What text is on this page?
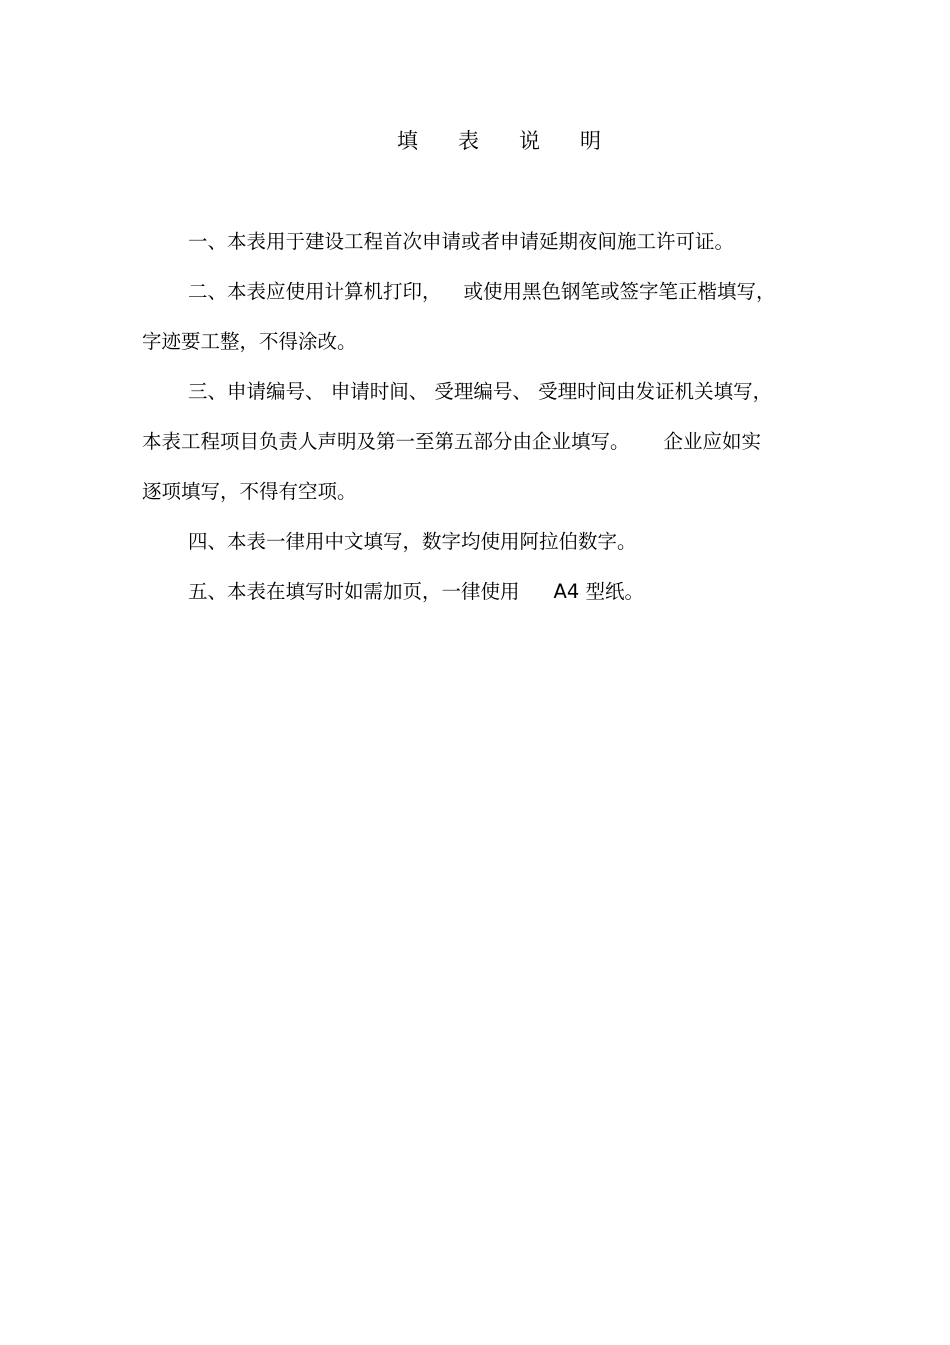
填 表 说 明
一、本表用于建设工程首次申请或者申请延期夜间施工许可证。
二、本表应使用计算机打印， 或使用黑色钢笔或签字笔正楷填写，
字迹要工整，不得涂改。
三、申请编号、 申请时间、 受理编号、 受理时间由发证机关填写，
本表工程项目负责人声明及第一至第五部分由企业填写。 企业应如实
逐项填写，不得有空项。
四、本表一律用中文填写，数字均使用阿拉伯数字。
五、本表在填写时如需加页，一律使用 A4 型纸。
